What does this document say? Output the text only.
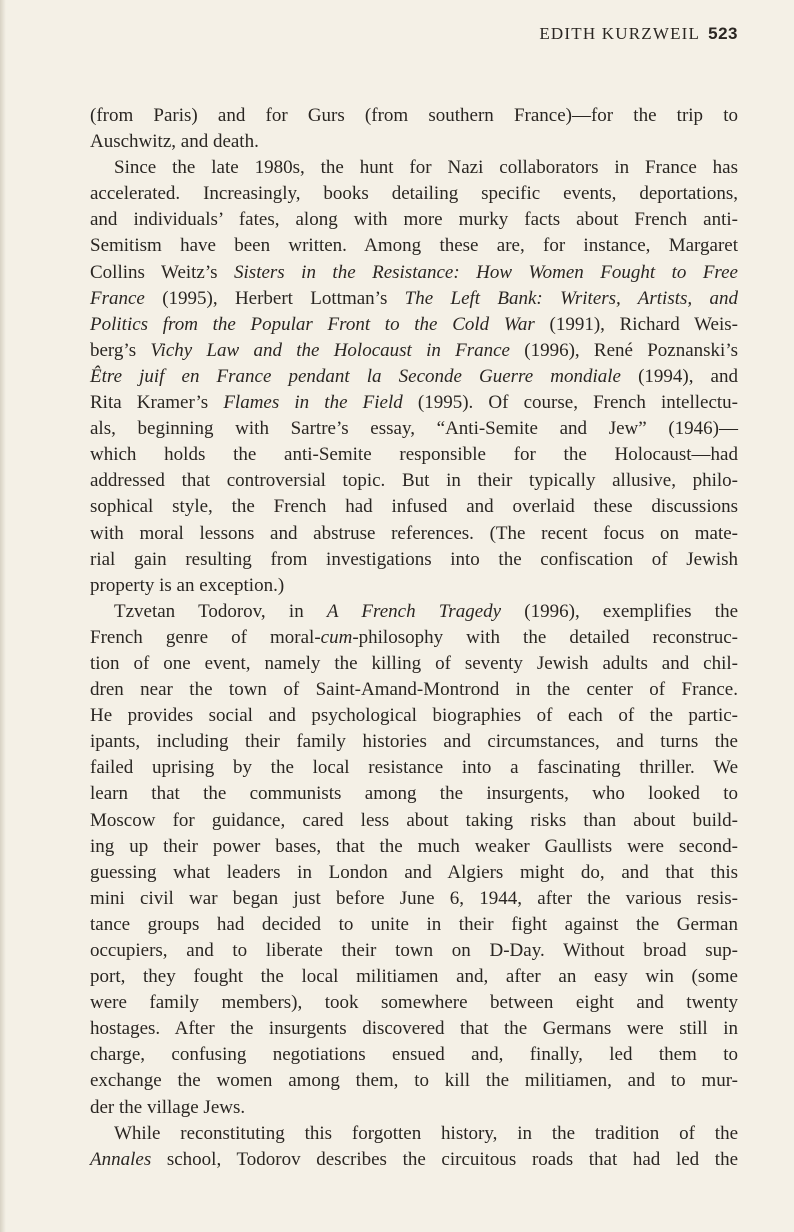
EDITH KURZWEIL 523
(from Paris) and for Gurs (from southern France)—for the trip to
Auschwitz, and death.
Since the late 1980s, the hunt for Nazi collaborators in France has
accelerated. Increasingly, books detailing specific events, deportations,
and individuals’ fates, along with more murky facts about French anti-
Semitism have been written. Among these are, for instance, Margaret
Collins Weitz’s Sisters in the Resistance: How Women Fought to Free
France (1995), Herbert Lottman’s The Left Bank: Writers, Artists, and
Politics from the Popular Front to the Cold War (1991), Richard Weis-
berg’s Vichy Law and the Holocaust in France (1996), René Poznanski’s
Être juif en France pendant la Seconde Guerre mondiale (1994), and
Rita Kramer’s Flames in the Field (1995). Of course, French intellectu-
als, beginning with Sartre’s essay, “Anti-Semite and Jew” (1946)—
which holds the anti-Semite responsible for the Holocaust—had
addressed that controversial topic. But in their typically allusive, philo-
sophical style, the French had infused and overlaid these discussions
with moral lessons and abstruse references. (The recent focus on mate-
rial gain resulting from investigations into the confiscation of Jewish
property is an exception.)
Tzvetan Todorov, in A French Tragedy (1996), exemplifies the
French genre of moral-cum-philosophy with the detailed reconstruc-
tion of one event, namely the killing of seventy Jewish adults and chil-
dren near the town of Saint-Amand-Montrond in the center of France.
He provides social and psychological biographies of each of the partic-
ipants, including their family histories and circumstances, and turns the
failed uprising by the local resistance into a fascinating thriller. We
learn that the communists among the insurgents, who looked to
Moscow for guidance, cared less about taking risks than about build-
ing up their power bases, that the much weaker Gaullists were second-
guessing what leaders in London and Algiers might do, and that this
mini civil war began just before June 6, 1944, after the various resis-
tance groups had decided to unite in their fight against the German
occupiers, and to liberate their town on D-Day. Without broad sup-
port, they fought the local militiamen and, after an easy win (some
were family members), took somewhere between eight and twenty
hostages. After the insurgents discovered that the Germans were still in
charge, confusing negotiations ensued and, finally, led them to
exchange the women among them, to kill the militiamen, and to mur-
der the village Jews.
While reconstituting this forgotten history, in the tradition of the
Annales school, Todorov describes the circuitous roads that had led the
